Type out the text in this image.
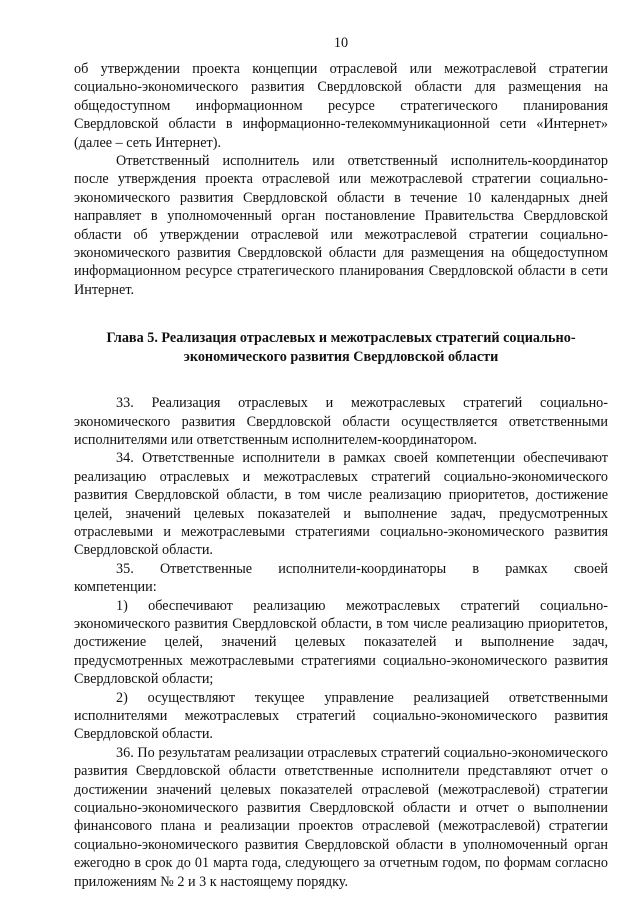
10

об утверждении проекта концепции отраслевой или межотраслевой стратегии социально-экономического развития Свердловской области для размещения на общедоступном информационном ресурсе стратегического планирования Свердловской области в информационно-телекоммуникационной сети «Интернет» (далее – сеть Интернет).

Ответственный исполнитель или ответственный исполнитель-координатор после утверждения проекта отраслевой или межотраслевой стратегии социально-экономического развития Свердловской области в течение 10 календарных дней направляет в уполномоченный орган постановление Правительства Свердловской области об утверждении отраслевой или межотраслевой стратегии социально-экономического развития Свердловской области для размещения на общедоступном информационном ресурсе стратегического планирования Свердловской области в сети Интернет.

Глава 5. Реализация отраслевых и межотраслевых стратегий социально-
экономического развития Свердловской области

33. Реализация отраслевых и межотраслевых стратегий социально-экономического развития Свердловской области осуществляется ответственными исполнителями или ответственным исполнителем-координатором.

34. Ответственные исполнители в рамках своей компетенции обеспечивают реализацию отраслевых и межотраслевых стратегий социально-экономического развития Свердловской области, в том числе реализацию приоритетов, достижение целей, значений целевых показателей и выполнение задач, предусмотренных отраслевыми и межотраслевыми стратегиями социально-экономического развития Свердловской области.

35. Ответственные исполнители-координаторы в рамках своей компетенции:

1) обеспечивают реализацию межотраслевых стратегий социально-экономического развития Свердловской области, в том числе реализацию приоритетов, достижение целей, значений целевых показателей и выполнение задач, предусмотренных межотраслевыми стратегиями социально-экономического развития Свердловской области;

2) осуществляют текущее управление реализацией ответственными исполнителями межотраслевых стратегий социально-экономического развития Свердловской области.

36. По результатам реализации отраслевых стратегий социально-экономического развития Свердловской области ответственные исполнители представляют отчет о достижении значений целевых показателей отраслевой (межотраслевой) стратегии социально-экономического развития Свердловской области и отчет о выполнении финансового плана и реализации проектов отраслевой (межотраслевой) стратегии социально-экономического развития Свердловской области в уполномоченный орган ежегодно в срок до 01 марта года, следующего за отчетным годом, по формам согласно приложениям № 2 и 3 к настоящему порядку.
